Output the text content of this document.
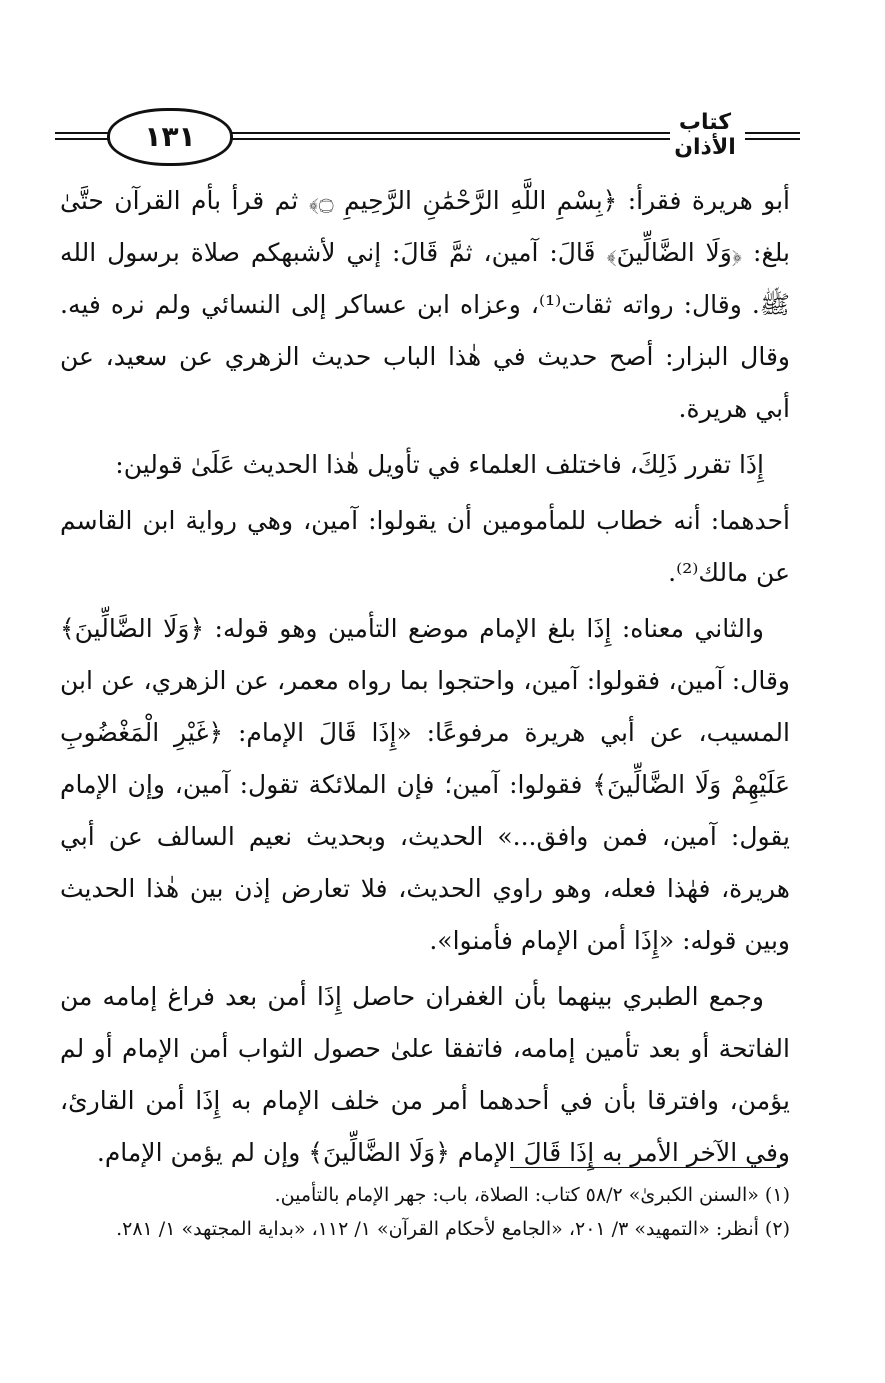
١٣١	كتاب الأذان

أبو هريرة فقرأ: ﴿بِسْمِ اللَّهِ الرَّحْمَٰنِ الرَّحِيمِ ۝﴾ ثم قرأ بأم القرآن حتَّىٰ بلغ: ﴿وَلَا الضَّالِّينَ﴾ قَالَ: آمين، ثمَّ قَالَ: إني لأشبهكم صلاة برسول الله ﷺ. وقال: رواته ثقات⁽¹⁾، وعزاه ابن عساكر إلى النسائي ولم نره فيه. وقال البزار: أصح حديث في هٰذا الباب حديث الزهري عن سعيد، عن أبي هريرة.

إِذَا تقرر ذَلِكَ، فاختلف العلماء في تأويل هٰذا الحديث عَلَىٰ قولين:

أحدهما: أنه خطاب للمأمومين أن يقولوا: آمين، وهي رواية ابن القاسم عن مالك⁽²⁾.

والثاني معناه: إِذَا بلغ الإمام موضع التأمين وهو قوله: ﴿وَلَا الضَّالِّينَ﴾ وقال: آمين، فقولوا: آمين، واحتجوا بما رواه معمر، عن الزهري، عن ابن المسيب، عن أبي هريرة مرفوعًا: «إِذَا قَالَ الإمام: ﴿غَيْرِ الْمَغْضُوبِ عَلَيْهِمْ وَلَا الضَّالِّينَ﴾ فقولوا: آمين؛ فإن الملائكة تقول: آمين، وإن الإمام يقول: آمين، فمن وافق...» الحديث، وبحديث نعيم السالف عن أبي هريرة، فهٰذا فعله، وهو راوي الحديث، فلا تعارض إذن بين هٰذا الحديث وبين قوله: «إِذَا أمن الإمام فأمنوا».

وجمع الطبري بينهما بأن الغفران حاصل إِذَا أمن بعد فراغ إمامه من الفاتحة أو بعد تأمين إمامه، فاتفقا علىٰ حصول الثواب أمن الإمام أو لم يؤمن، وافترقا بأن في أحدهما أمر من خلف الإمام به إِذَا أمن القارئ، وفي الآخر الأمر به إِذَا قَالَ الإمام ﴿وَلَا الضَّالِّينَ﴾ وإن لم يؤمن الإمام.

(١) «السنن الكبرىٰ» ٥٨/٢ كتاب: الصلاة، باب: جهر الإمام بالتأمين.

(٢) أنظر: «التمهيد» ٣/ ٢٠١، «الجامع لأحكام القرآن» ١/ ١١٢، «بداية المجتهد» ١/ ٢٨١.
